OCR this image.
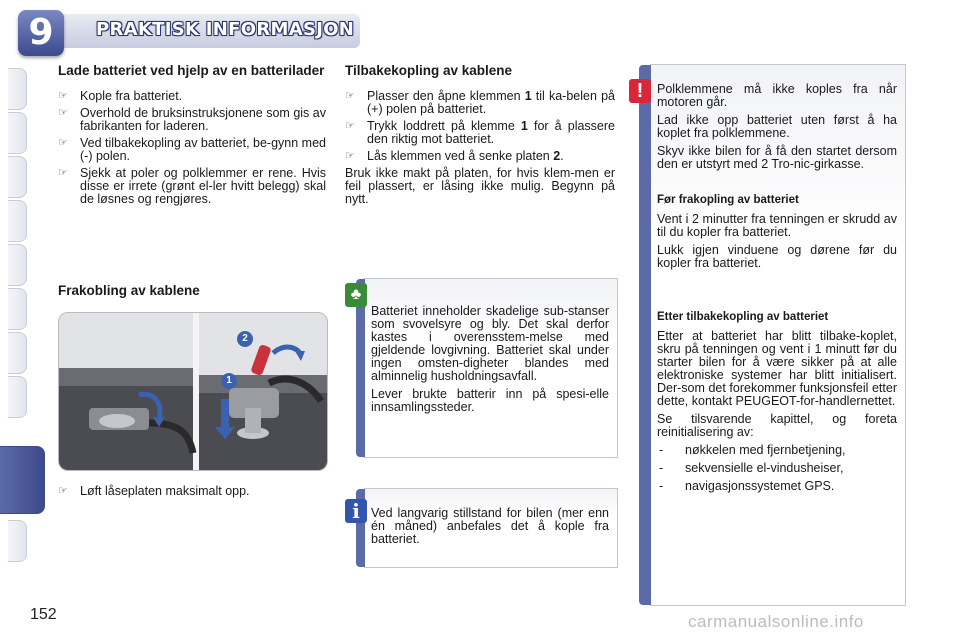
9	PRAKTISK INFORMASJON
Lade batteriet ved hjelp av en batterilader
☞ Kople fra batteriet.
☞ Overhold de bruksinstruksjonene som gis av fabrikanten for laderen.
☞ Ved tilbakekopling av batteriet, be-gynn med (-) polen.
☞ Sjekk at poler og polklemmer er rene. Hvis disse er irrete (grønt el-ler hvitt belegg) skal de løsnes og rengjøres.
Frakobling av kablene
1
2
☞ Løft låseplaten maksimalt opp.
Tilbakekopling av kablene
☞ Plasser den åpne klemmen 1 til ka-belen på (+) polen på batteriet.
☞ Trykk loddrett på klemme 1 for å plassere den riktig mot batteriet.
☞ Lås klemmen ved å senke platen 2.

Bruk ikke makt på platen, for hvis klem-men er feil plassert, er låsing ikke mulig. Begynn på nytt.

♣

Batteriet inneholder skadelige sub-stanser som svovelsyre og bly. Det skal derfor kastes i overensstem-melse med gjeldende lovgivning. Batteriet skal under ingen omsten-digheter blandes med alminnelig husholdningsavfall.

Lever brukte batterir inn på spesi-elle innsamlingssteder.

i Ved langvarig stillstand for bilen (mer enn én måned) anbefales det å kople fra batteriet.
!	Polklemmene må ikke koples fra når motoren går.

Lad ikke opp batteriet uten først å ha koplet fra polklemmene.

Skyv ikke bilen for å få den startet dersom den er utstyrt med 2 Tro-nic-girkasse.

Før frakopling av batteriet

Vent i 2 minutter fra tenningen er skrudd av til du kopler fra batteriet.

Lukk igjen vinduene og dørene før du kopler fra batteriet.

Etter tilbakekopling av batteriet

Etter at batteriet har blitt tilbake-koplet, skru på tenningen og vent i 1 minutt før du starter bilen for å være sikker på at alle elektroniske systemer har blitt initialisert. Der-som det forekommer funksjonsfeil etter dette, kontakt PEUGEOT-for-handlernettet.

Se tilsvarende kapittel, og foreta reinitialisering av:

- nøkkelen med fjernbetjening,
- sekvensielle el-vindusheiser,
- navigasjonssystemet GPS.
152	carmanualsonline.info
